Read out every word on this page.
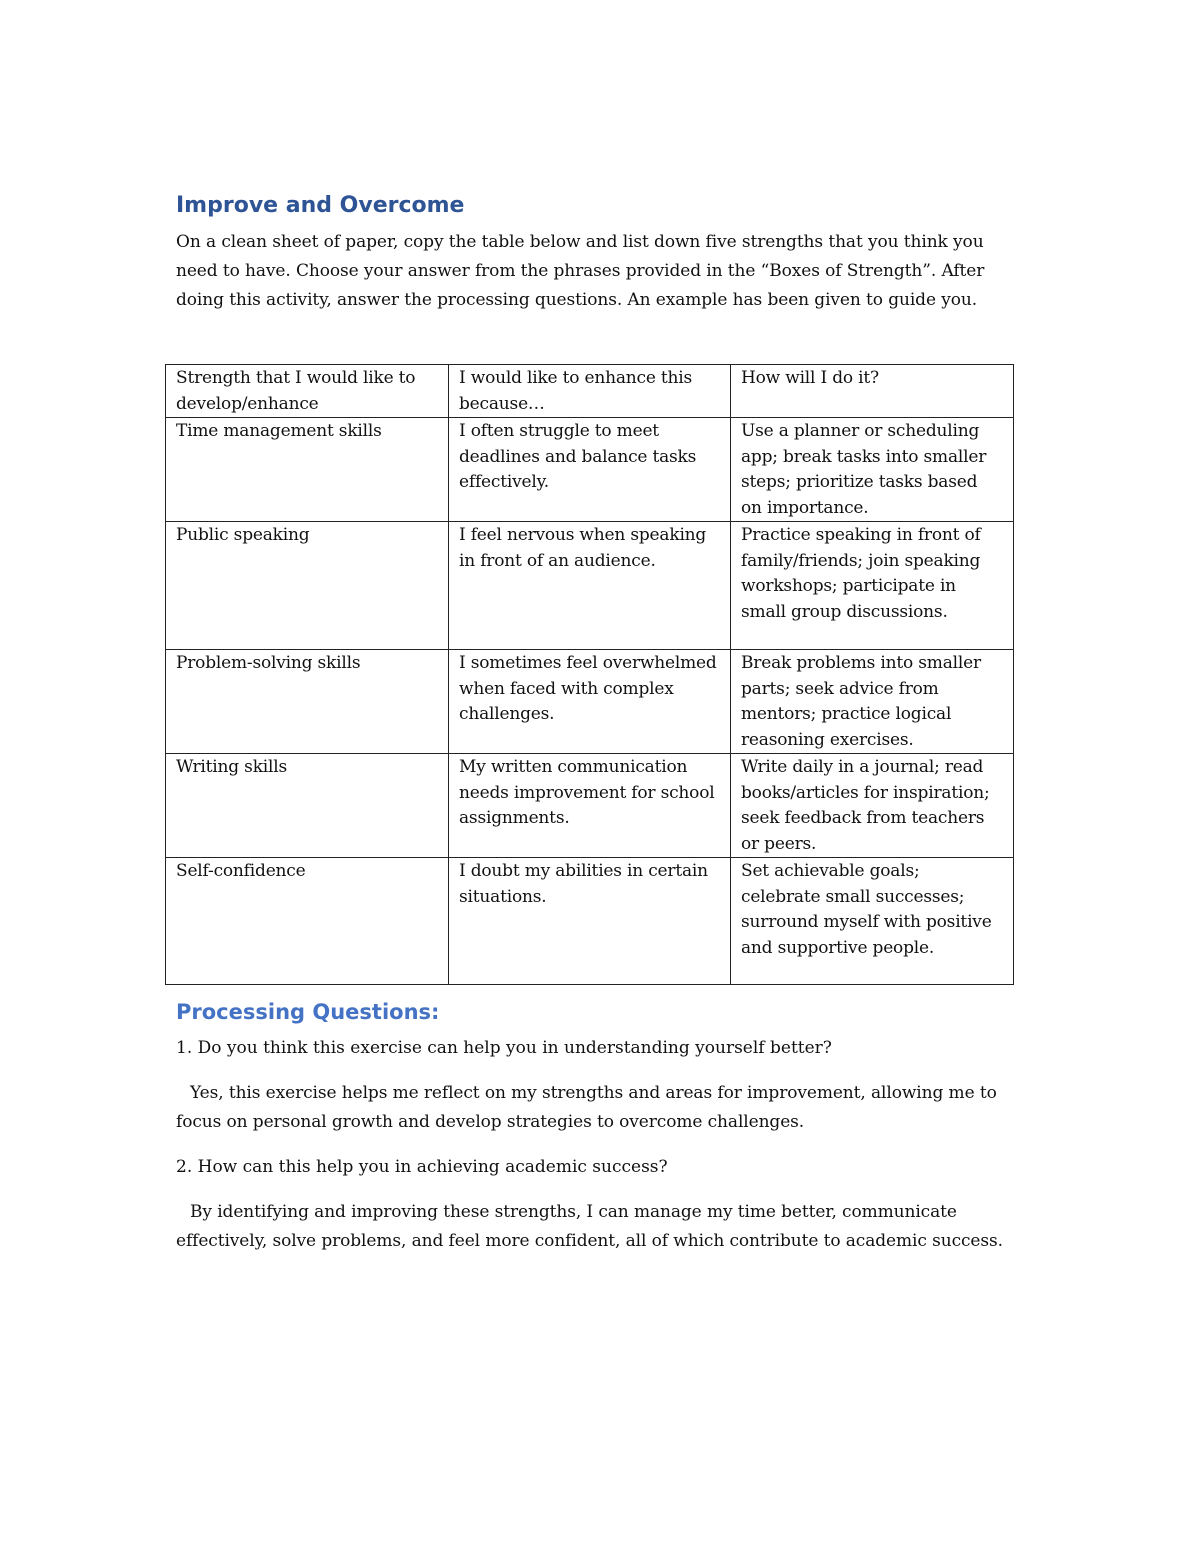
Improve and Overcome

On a clean sheet of paper, copy the table below and list down five strengths that you think you need to have. Choose your answer from the phrases provided in the “Boxes of Strength”. After doing this activity, answer the processing questions. An example has been given to guide you.

Strength that I would like to develop/enhance	I would like to enhance this because…	How will I do it?
Time management skills	I often struggle to meet deadlines and balance tasks effectively.	Use a planner or scheduling app; break tasks into smaller steps; prioritize tasks based on importance.
Public speaking	I feel nervous when speaking in front of an audience.	Practice speaking in front of family/friends; join speaking workshops; participate in small group discussions.
Problem-solving skills	I sometimes feel overwhelmed when faced with complex challenges.	Break problems into smaller parts; seek advice from mentors; practice logical reasoning exercises.
Writing skills	My written communication needs improvement for school assignments.	Write daily in a journal; read books/articles for inspiration; seek feedback from teachers or peers.
Self-confidence	I doubt my abilities in certain situations.	Set achievable goals; celebrate small successes; surround myself with positive and supportive people.
Processing Questions:

1. Do you think this exercise can help you in understanding yourself better?

Yes, this exercise helps me reflect on my strengths and areas for improvement, allowing me to focus on personal growth and develop strategies to overcome challenges.

2. How can this help you in achieving academic success?

By identifying and improving these strengths, I can manage my time better, communicate effectively, solve problems, and feel more confident, all of which contribute to academic success.
